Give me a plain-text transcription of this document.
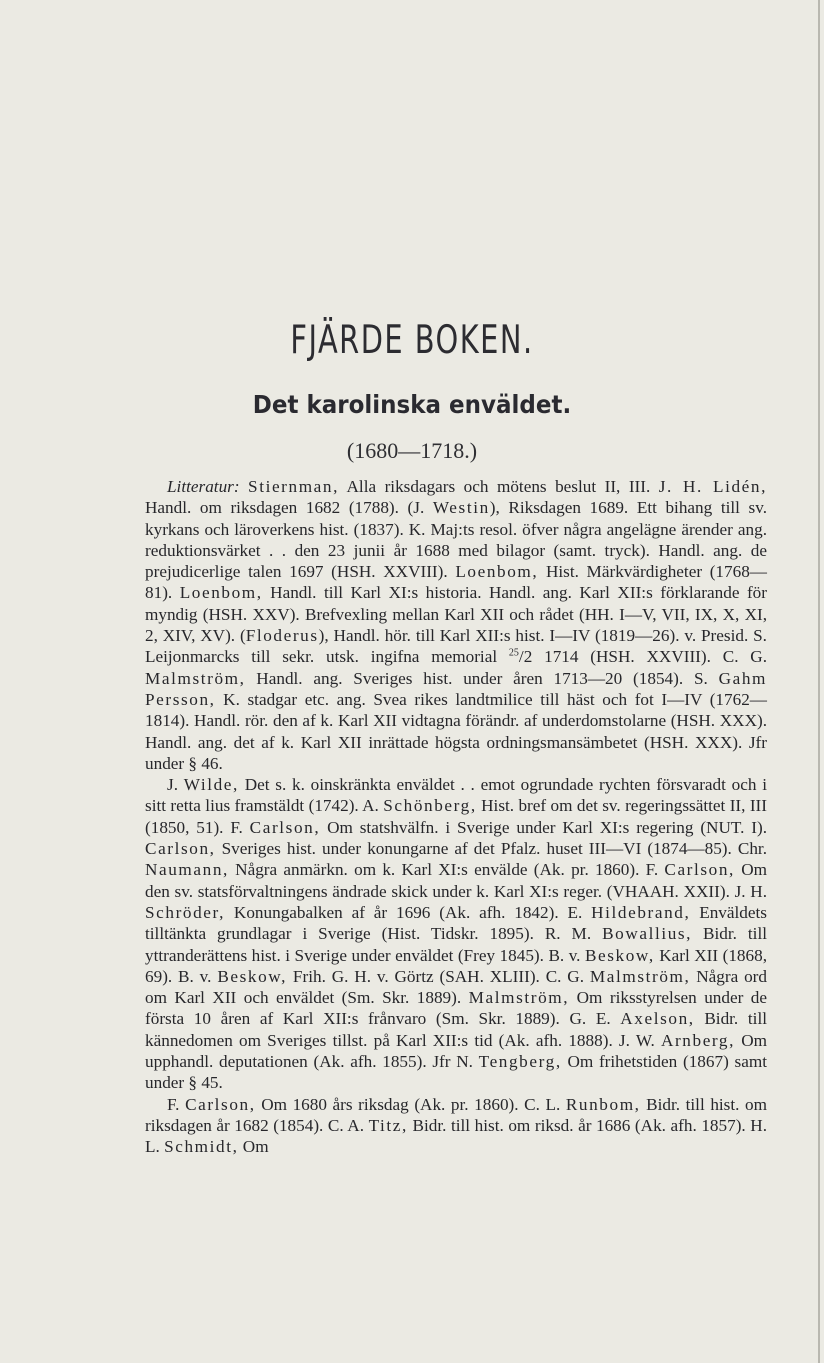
FJÄRDE BOKEN.
Det karolinska enväldet.
(1680—1718.)

Litteratur: Stiernman, Alla riksdagars och mötens beslut II, III. J. H. Lidén, Handl. om riksdagen 1682 (1788). (J. Westin), Riksdagen 1689. Ett bihang till sv. kyrkans och läroverkens hist. (1837). K. Maj:ts resol. öfver några angelägne ärender ang. reduktionsvärket . . den 23 junii år 1688 med bilagor (samt. tryck). Handl. ang. de prejudicerlige talen 1697 (HSH. XXVIII). Loenbom, Hist. Märkvärdigheter (1768—81). Loenbom, Handl. till Karl XI:s historia. Handl. ang. Karl XII:s förklarande för myndig (HSH. XXV). Brefvexling mellan Karl XII och rådet (HH. I—V, VII, IX, X, XI, 2, XIV, XV). (Floderus), Handl. hör. till Karl XII:s hist. I—IV (1819—26). v. Presid. S. Leijonmarcks till sekr. utsk. ingifna memorial $^{25}$/2 1714 (HSH. XXVIII). C. G. Malmström, Handl. ang. Sveriges hist. under åren 1713—20 (1854). S. Gahm Persson, K. stadgar etc. ang. Svea rikes landtmilice till häst och fot I—IV (1762—1814). Handl. rör. den af k. Karl XII vidtagna förändr. af underdomstolarne (HSH. XXX). Handl. ang. det af k. Karl XII inrättade högsta ordningsmansämbetet (HSH. XXX). Jfr under § 46.

J. Wilde, Det s. k. oinskränkta enväldet . . emot ogrundade rychten försvaradt och i sitt retta lius framstäldt (1742). A. Schönberg, Hist. bref om det sv. regeringssättet II, III (1850, 51). F. Carlson, Om statshvälfn. i Sverige under Karl XI:s regering (NUT. I). Carlson, Sveriges hist. under konungarne af det Pfalz. huset III—VI (1874—85). Chr. Naumann, Några anmärkn. om k. Karl XI:s envälde (Ak. pr. 1860). F. Carlson, Om den sv. statsförvaltningens ändrade skick under k. Karl XI:s reger. (VHAAH. XXII). J. H. Schröder, Konungabalken af år 1696 (Ak. afh. 1842). E. Hildebrand, Enväldets tilltänkta grundlagar i Sverige (Hist. Tidskr. 1895). R. M. Bowallius, Bidr. till yttranderättens hist. i Sverige under enväldet (Frey 1845). B. v. Beskow, Karl XII (1868, 69). B. v. Beskow, Frih. G. H. v. Görtz (SAH. XLIII). C. G. Malmström, Några ord om Karl XII och enväldet (Sm. Skr. 1889). Malmström, Om riksstyrelsen under de första 10 åren af Karl XII:s frånvaro (Sm. Skr. 1889). G. E. Axelson, Bidr. till kännedomen om Sveriges tillst. på Karl XII:s tid (Ak. afh. 1888). J. W. Arnberg, Om upphandl. deputationen (Ak. afh. 1855). Jfr N. Tengberg, Om frihetstiden (1867) samt under § 45.

F. Carlson, Om 1680 års riksdag (Ak. pr. 1860). C. L. Runbom, Bidr. till hist. om riksdagen år 1682 (1854). C. A. Titz, Bidr. till hist. om riksd. år 1686 (Ak. afh. 1857). H. L. Schmidt, Om
